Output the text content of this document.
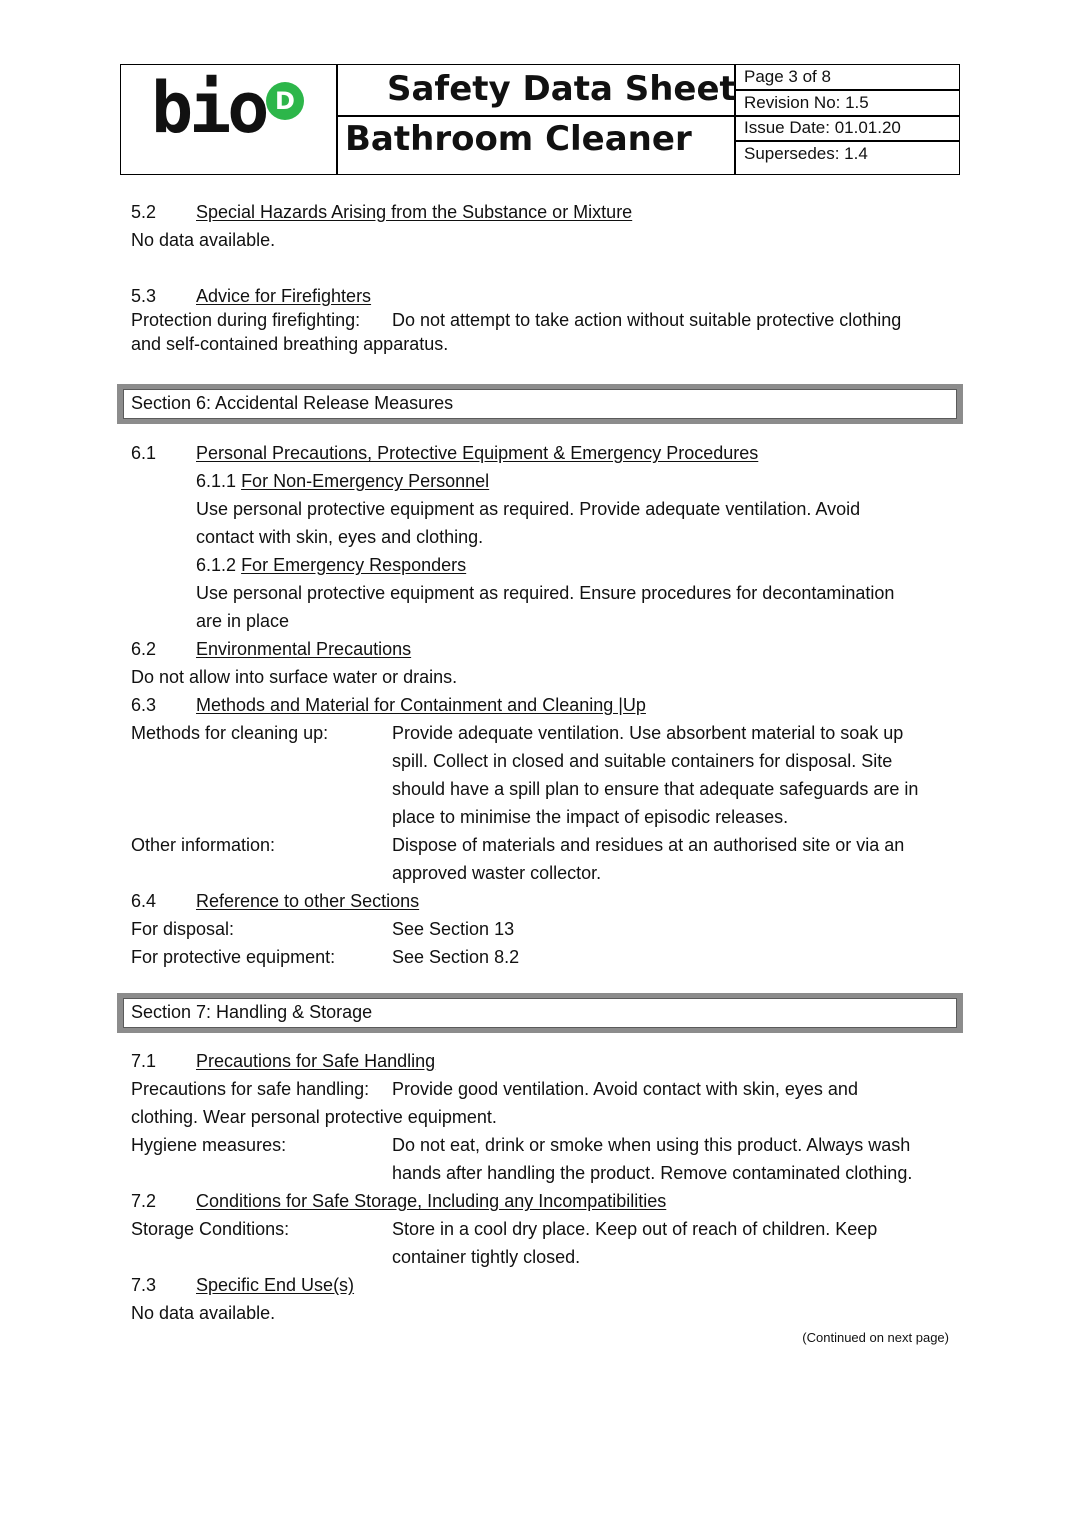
bio D	Safety Data Sheet
Bathroom Cleaner
Page 3 of 8
Revision No: 1.5
Issue Date: 01.01.20
Supersedes: 1.4
5.2 Special Hazards Arising from the Substance or Mixture
No data available.
5.3 Advice for Firefighters
Protection during firefighting: Do not attempt to take action without suitable protective clothing
and self-contained breathing apparatus.
Section 6: Accidental Release Measures
6.1 Personal Precautions, Protective Equipment & Emergency Procedures
6.1.1 For Non-Emergency Personnel
Use personal protective equipment as required. Provide adequate ventilation. Avoid
contact with skin, eyes and clothing.
6.1.2 For Emergency Responders
Use personal protective equipment as required. Ensure procedures for decontamination
are in place
6.2 Environmental Precautions
Do not allow into surface water or drains.
6.3 Methods and Material for Containment and Cleaning |Up
Methods for cleaning up:	Provide adequate ventilation. Use absorbent material to soak up
spill. Collect in closed and suitable containers for disposal. Site
should have a spill plan to ensure that adequate safeguards are in
place to minimise the impact of episodic releases.
Other information:	Dispose of materials and residues at an authorised site or via an
approved waster collector.
6.4 Reference to other Sections
For disposal:	See Section 13
For protective equipment:	See Section 8.2
Section 7: Handling & Storage
7.1 Precautions for Safe Handling
Precautions for safe handling: Provide good ventilation. Avoid contact with skin, eyes and
clothing. Wear personal protective equipment.
Hygiene measures:	Do not eat, drink or smoke when using this product. Always wash
hands after handling the product. Remove contaminated clothing.
7.2 Conditions for Safe Storage, Including any Incompatibilities
Storage Conditions:	Store in a cool dry place. Keep out of reach of children. Keep
container tightly closed.
7.3 Specific End Use(s)
No data available.
(Continued on next page)
